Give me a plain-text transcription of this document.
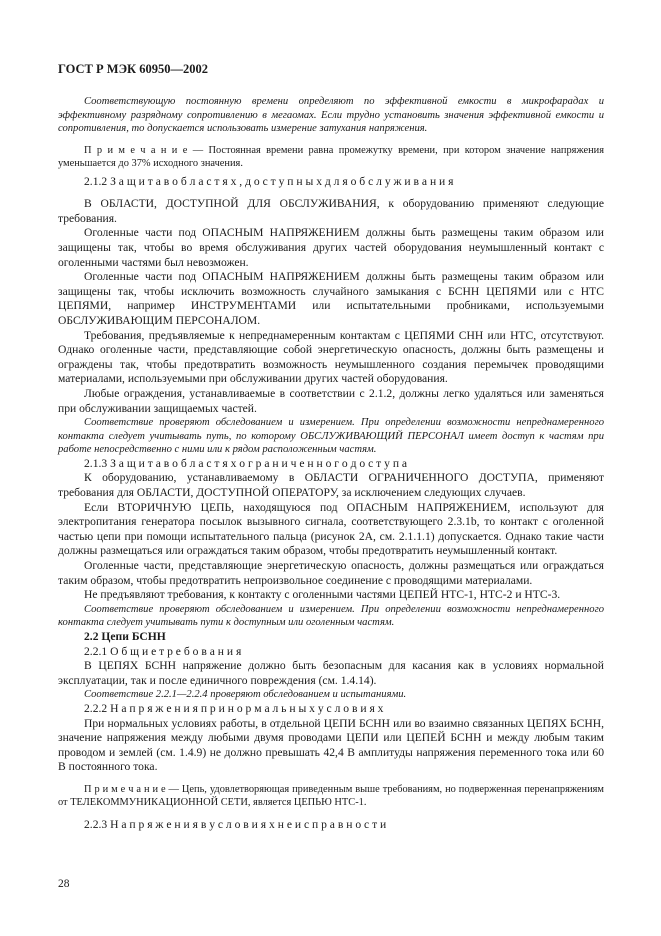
ГОСТ Р МЭК 60950—2002

Соответствующую постоянную времени определяют по эффективной емкости в микрофарадах и эффективному разрядному сопротивлению в мегаомах. Если трудно установить значения эффективной емкости и сопротивления, то допускается использовать измерение затухания напряжения.

П р и м е ч а н и е — Постоянная времени равна промежутку времени, при котором значение напряжения уменьшается до 37% исходного значения.

2.1.2 З а щ и т а в о б л а с т я х , д о с т у п н ы х д л я о б с л у ж и в а н и я

В ОБЛАСТИ, ДОСТУПНОЙ ДЛЯ ОБСЛУЖИВАНИЯ, к оборудованию применяют следующие требования.

Оголенные части под ОПАСНЫМ НАПРЯЖЕНИЕМ должны быть размещены таким образом или защищены так, чтобы во время обслуживания других частей оборудования неумышленный контакт с оголенными частями был невозможен.

Оголенные части под ОПАСНЫМ НАПРЯЖЕНИЕМ должны быть размещены таким образом или защищены так, чтобы исключить возможность случайного замыкания с БСНН ЦЕПЯМИ или с НТС ЦЕПЯМИ, например ИНСТРУМЕНТАМИ или испытательными пробниками, используемыми ОБСЛУЖИВАЮЩИМ ПЕРСОНАЛОМ.

Требования, предъявляемые к непреднамеренным контактам с ЦЕПЯМИ СНН или НТС, отсутствуют. Однако оголенные части, представляющие собой энергетическую опасность, должны быть размещены и ограждены так, чтобы предотвратить возможность неумышленного создания перемычек проводящими материалами, используемыми при обслуживании других частей оборудования.

Любые ограждения, устанавливаемые в соответствии с 2.1.2, должны легко удаляться или заменяться при обслуживании защищаемых частей.

Соответствие проверяют обследованием и измерением. При определении возможности непреднамеренного контакта следует учитывать путь, по которому ОБСЛУЖИВАЮЩИЙ ПЕРСОНАЛ имеет доступ к частям при работе непосредственно с ними или к рядом расположенным частям.

2.1.3 З а щ и т а в о б л а с т я х о г р а н и ч е н н о г о д о с т у п а

К оборудованию, устанавливаемому в ОБЛАСТИ ОГРАНИЧЕННОГО ДОСТУПА, применяют требования для ОБЛАСТИ, ДОСТУПНОЙ ОПЕРАТОРУ, за исключением следующих случаев.

Если ВТОРИЧНУЮ ЦЕПЬ, находящуюся под ОПАСНЫМ НАПРЯЖЕНИЕМ, используют для электропитания генератора посылок вызывного сигнала, соответствующего 2.3.1b, то контакт с оголенной частью цепи при помощи испытательного пальца (рисунок 2А, см. 2.1.1.1) допускается. Однако такие части должны размещаться или ограждаться таким образом, чтобы предотвратить неумышленный контакт.

Оголенные части, представляющие энергетическую опасность, должны размещаться или ограждаться таким образом, чтобы предотвратить непроизвольное соединение с проводящими материалами.

Не предъявляют требования, к контакту с оголенными частями ЦЕПЕЙ НТС-1, НТС-2 и НТС-3.

Соответствие проверяют обследованием и измерением. При определении возможности непреднамеренного контакта следует учитывать пути к доступным или оголенным частям.

2.2 Цепи БСНН

2.2.1 О б щ и е т р е б о в а н и я

В ЦЕПЯХ БСНН напряжение должно быть безопасным для касания как в условиях нормальной эксплуатации, так и после единичного повреждения (см. 1.4.14).

Соответствие 2.2.1—2.2.4 проверяют обследованием и испытаниями.

2.2.2 Н а п р я ж е н и я п р и н о р м а л ь н ы х у с л о в и я х

При нормальных условиях работы, в отдельной ЦЕПИ БСНН или во взаимно связанных ЦЕПЯХ БСНН, значение напряжения между любыми двумя проводами ЦЕПИ или ЦЕПЕЙ БСНН и между любым таким проводом и землей (см. 1.4.9) не должно превышать 42,4 В амплитуды напряжения переменного тока или 60 В постоянного тока.

П р и м е ч а н и е — Цепь, удовлетворяющая приведенным выше требованиям, но подверженная перенапряжениям от ТЕЛЕКОММУНИКАЦИОННОЙ СЕТИ, является ЦЕПЬЮ НТС-1.

2.2.3 Н а п р я ж е н и я в у с л о в и я х н е и с п р а в н о с т и

28
